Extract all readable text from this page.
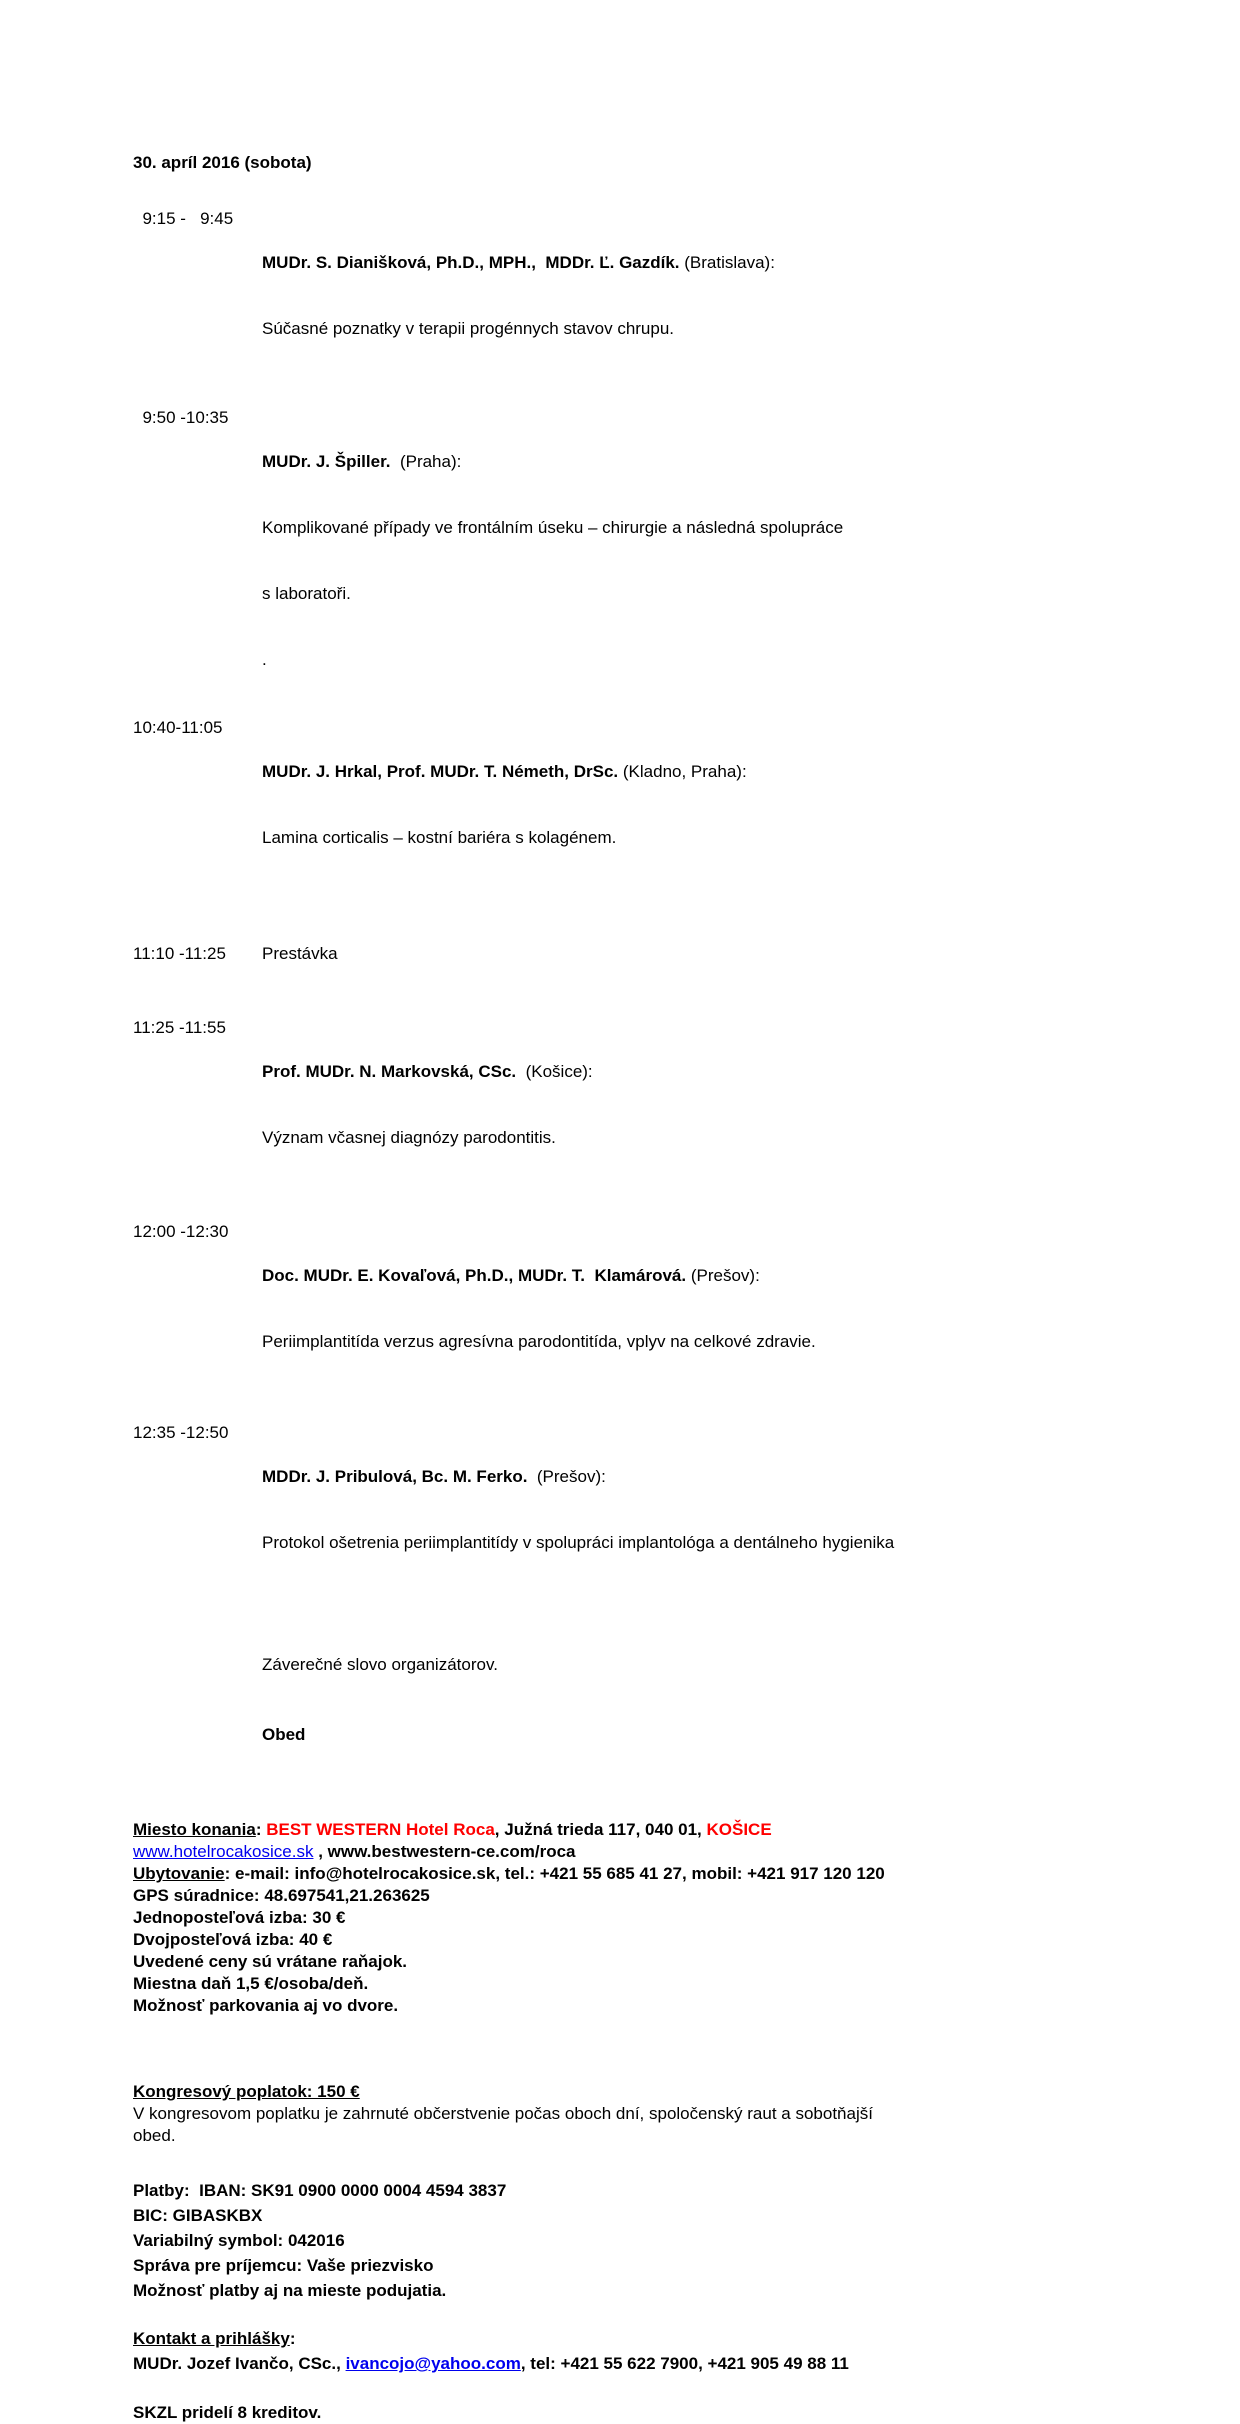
30. apríl 2016 (sobota)
9:15 -   9:45

MUDr. S. Dianišková, Ph.D., MPH.,  MDDr. Ľ. Gazdík. (Bratislava):

Súčasné poznatky v terapii progénnych stavov chrupu.

9:50 -10:35

MUDr. J. Špiller.  (Praha):

Komplikované případy ve frontálním úseku – chirurgie a následná spolupráce

s laboratoři.

.

10:40-11:05

MUDr. J. Hrkal, Prof. MUDr. T. Németh, DrSc. (Kladno, Praha):

Lamina corticalis – kostní bariéra s kolagénem.

11:10 -11:25	Prestávka
11:25 -11:55

Prof. MUDr. N. Markovská, CSc.  (Košice):

Význam včasnej diagnózy parodontitis.

12:00 -12:30

Doc. MUDr. E. Kovaľová, Ph.D., MUDr. T.  Klamárová. (Prešov):

Periimplantitída verzus agresívna parodontitída, vplyv na celkové zdravie.

12:35 -12:50

MDDr. J. Pribulová, Bc. M. Ferko.  (Prešov):

Protokol ošetrenia periimplantitídy v spolupráci implantológa a dentálneho hygienika

Záverečné slovo organizátorov.
Obed
Miesto konania: BEST WESTERN Hotel Roca, Južná trieda 117, 040 01, KOŠICE
www.hotelrocakosice.sk , www.bestwestern-ce.com/roca
Ubytovanie: e-mail: info@hotelrocakosice.sk, tel.: +421 55 685 41 27, mobil: +421 917 120 120
GPS súradnice: 48.697541,21.263625
Jednoposteľová izba: 30 €
Dvojposteľová izba: 40 €
Uvedené ceny sú vrátane raňajok.
Miestna daň 1,5 €/osoba/deň.
Možnosť parkovania aj vo dvore.
Kongresový poplatok: 150 €
V kongresovom poplatku je zahrnuté občerstvenie počas oboch dní, spoločenský raut a sobotňajší
obed.
Platby:  IBAN: SK91 0900 0000 0004 4594 3837
BIC: GIBASKBX
Variabilný symbol: 042016
Správa pre príjemcu: Vaše priezvisko
Možnosť platby aj na mieste podujatia.
Kontakt a prihlášky:
MUDr. Jozef Ivančo, CSc., ivancojo@yahoo.com, tel: +421 55 622 7900, +421 905 49 88 11
SKZL pridelí 8 kreditov.
